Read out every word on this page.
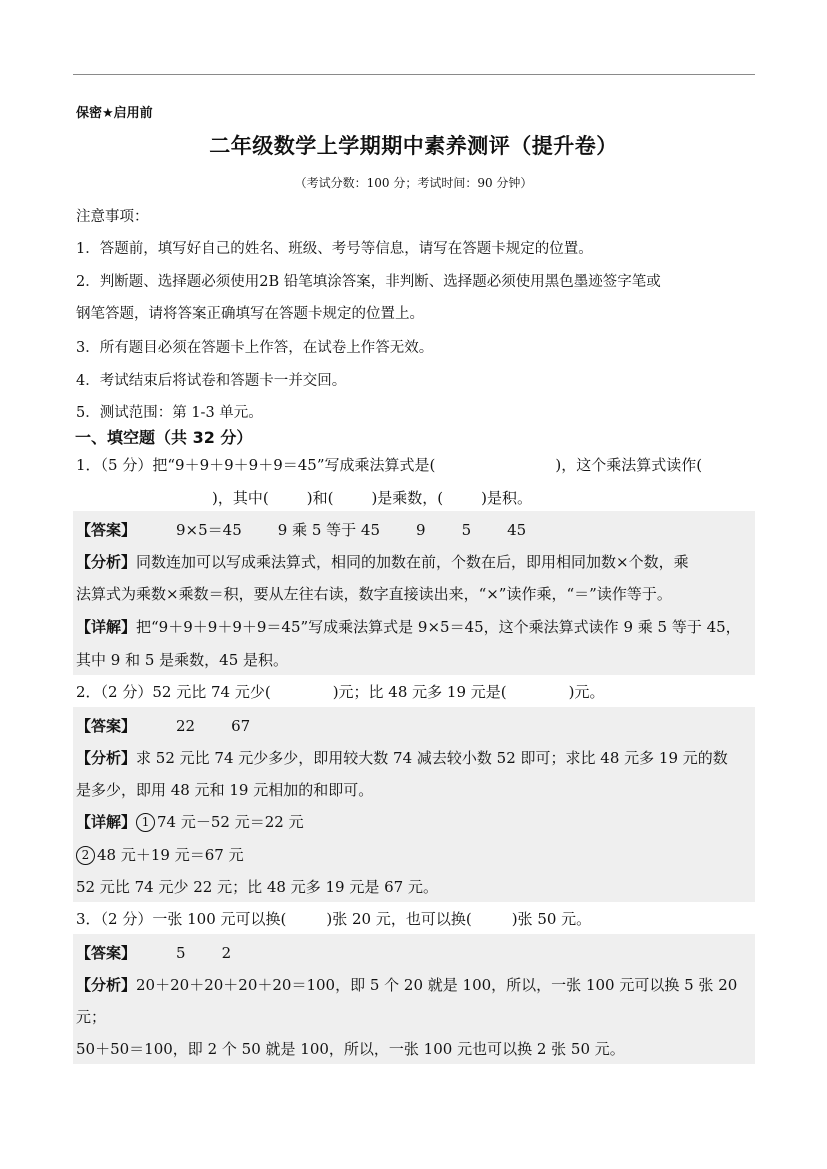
保密★启用前
二年级数学上学期期中素养测评（提升卷）
（考试分数：100 分；考试时间：90 分钟）
注意事项：
1．答题前，填写好自己的姓名、班级、考号等信息，请写在答题卡规定的位置。
2．判断题、选择题必须使用2B 铅笔填涂答案，非判断、选择题必须使用黑色墨迹签字笔或
钢笔答题，请将答案正确填写在答题卡规定的位置上。
3．所有题目必须在答题卡上作答，在试卷上作答无效。
4．考试结束后将试卷和答题卡一并交回。
5．测试范围：第 1-3 单元。
一、填空题（共 32 分）
1．（5 分）把“9＋9＋9＋9＋9＝45”写成乘法算式是(	)，这个乘法算式读作(
)，其中(	)和(	)是乘数，(	)是积。
【答案】	9×5＝45 9 乘 5 等于 45 9 5 45
【分析】同数连加可以写成乘法算式，相同的加数在前，个数在后，即用相同加数×个数，乘
法算式为乘数×乘数＝积，要从左往右读，数字直接读出来，“×”读作乘，“＝”读作等于。
【详解】把“9＋9＋9＋9＋9＝45”写成乘法算式是 9×5＝45，这个乘法算式读作 9 乘 5 等于 45，
其中 9 和 5 是乘数，45 是积。
2．（2 分）52 元比 74 元少(	)元；比 48 元多 19 元是(	)元。
【答案】	22 67
【分析】求 52 元比 74 元少多少，即用较大数 74 减去较小数 52 即可；求比 48 元多 19 元的数
是多少，即用 48 元和 19 元相加的和即可。
【详解】 1 74 元－52 元＝22 元
2 48 元＋19 元＝67 元
52 元比 74 元少 22 元；比 48 元多 19 元是 67 元。
3．（2 分）一张 100 元可以换(	)张 20 元，也可以换(	)张 50 元。
【答案】	5 2
【分析】20＋20＋20＋20＋20＝100，即 5 个 20 就是 100，所以，一张 100 元可以换 5 张 20
元；
50＋50＝100，即 2 个 50 就是 100，所以，一张 100 元也可以换 2 张 50 元。
